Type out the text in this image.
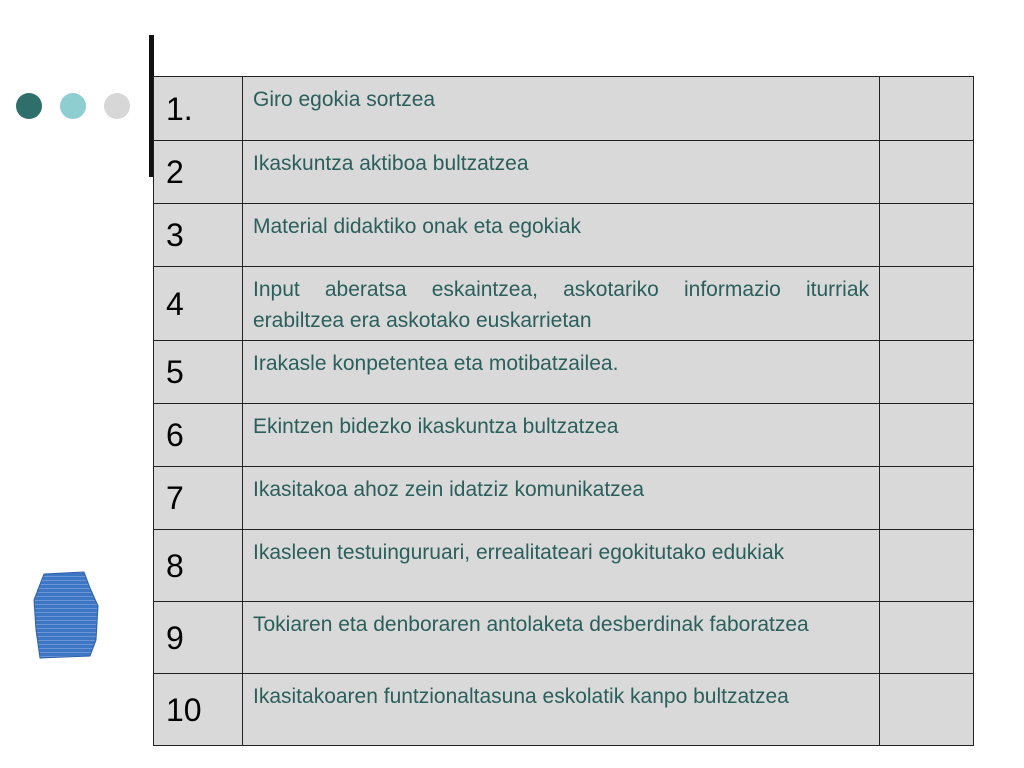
1.	Giro egokia sortzea	
2	Ikaskuntza aktiboa bultzatzea	
3	Material didaktiko onak eta egokiak	
4	Input aberatsa eskaintzea, askotariko informazio iturriak erabiltzea era askotako euskarrietan	
5	Irakasle konpetentea eta motibatzailea.	
6	Ekintzen bidezko ikaskuntza bultzatzea	
7	Ikasitakoa ahoz zein idatziz komunikatzea	
8	Ikasleen testuinguruari, errealitateari egokitutako edukiak	
9	Tokiaren eta denboraren antolaketa desberdinak faboratzea	
10	Ikasitakoaren funtzionaltasuna eskolatik kanpo bultzatzea	
